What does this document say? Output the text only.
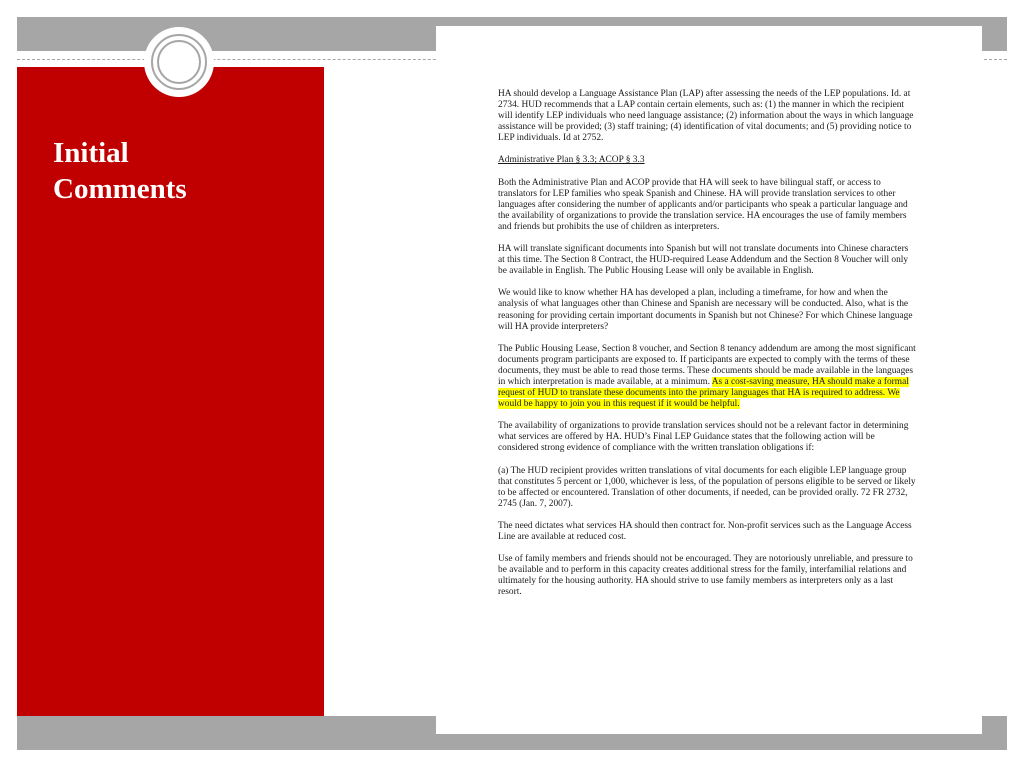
Initial
Comments

HA should develop a Language Assistance Plan (LAP) after assessing the needs of the LEP populations. Id. at 2734. HUD recommends that a LAP contain certain elements, such as: (1) the manner in which the recipient will identify LEP individuals who need language assistance; (2) information about the ways in which language assistance will be provided; (3) staff training; (4) identification of vital documents; and (5) providing notice to LEP individuals. Id at 2752.

Administrative Plan § 3.3; ACOP § 3.3

Both the Administrative Plan and ACOP provide that HA will seek to have bilingual staff, or access to translators for LEP families who speak Spanish and Chinese. HA will provide translation services to other languages after considering the number of applicants and/or participants who speak a particular language and the availability of organizations to provide the translation service. HA encourages the use of family members and friends but prohibits the use of children as interpreters.

HA will translate significant documents into Spanish but will not translate documents into Chinese characters at this time. The Section 8 Contract, the HUD-required Lease Addendum and the Section 8 Voucher will only be available in English. The Public Housing Lease will only be available in English.

We would like to know whether HA has developed a plan, including a timeframe, for how and when the analysis of what languages other than Chinese and Spanish are necessary will be conducted. Also, what is the reasoning for providing certain important documents in Spanish but not Chinese? For which Chinese language will HA provide interpreters?

The Public Housing Lease, Section 8 voucher, and Section 8 tenancy addendum are among the most significant documents program participants are exposed to. If participants are expected to comply with the terms of these documents, they must be able to read those terms. These documents should be made available in the languages in which interpretation is made available, at a minimum. As a cost-saving measure, HA should make a formal request of HUD to translate these documents into the primary languages that HA is required to address. We would be happy to join you in this request if it would be helpful.

The availability of organizations to provide translation services should not be a relevant factor in determining what services are offered by HA. HUD’s Final LEP Guidance states that the following action will be considered strong evidence of compliance with the written translation obligations if:

(a) The HUD recipient provides written translations of vital documents for each eligible LEP language group that constitutes 5 percent or 1,000, whichever is less, of the population of persons eligible to be served or likely to be affected or encountered. Translation of other documents, if needed, can be provided orally. 72 FR 2732, 2745 (Jan. 7, 2007).

The need dictates what services HA should then contract for. Non-profit services such as the Language Access Line are available at reduced cost.

Use of family members and friends should not be encouraged. They are notoriously unreliable, and pressure to be available and to perform in this capacity creates additional stress for the family, interfamilial relations and ultimately for the housing authority. HA should strive to use family members as interpreters only as a last resort.
